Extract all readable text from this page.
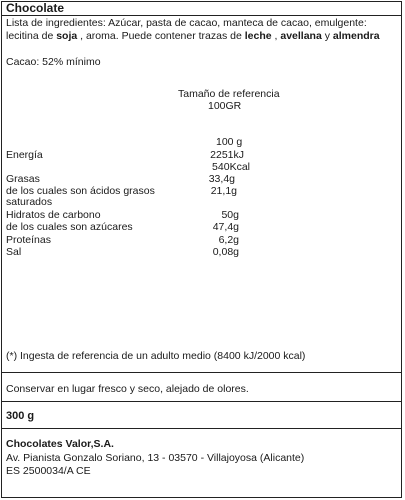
Chocolate
Lista de ingredientes: Azúcar, pasta de cacao, manteca de cacao, emulgente:
lecitina de soja , aroma. Puede contener trazas de leche , avellana y almendra
Cacao: 52% mínimo
Tamaño de referencia
100GR
100 g
Energía	2251kJ
540Kcal
Grasas	33,4g
de los cuales son ácidos grasos	21,1g
saturados
Hidratos de carbono	50g
de los cuales son azúcares	47,4g
Proteínas	6,2g
Sal	0,08g
(*) Ingesta de referencia de un adulto medio (8400 kJ/2000 kcal)
Conservar en lugar fresco y seco, alejado de olores.
300 g
Chocolates Valor,S.A.
Av. Pianista Gonzalo Soriano, 13 - 03570 - Villajoyosa (Alicante)
ES 2500034/A CE
